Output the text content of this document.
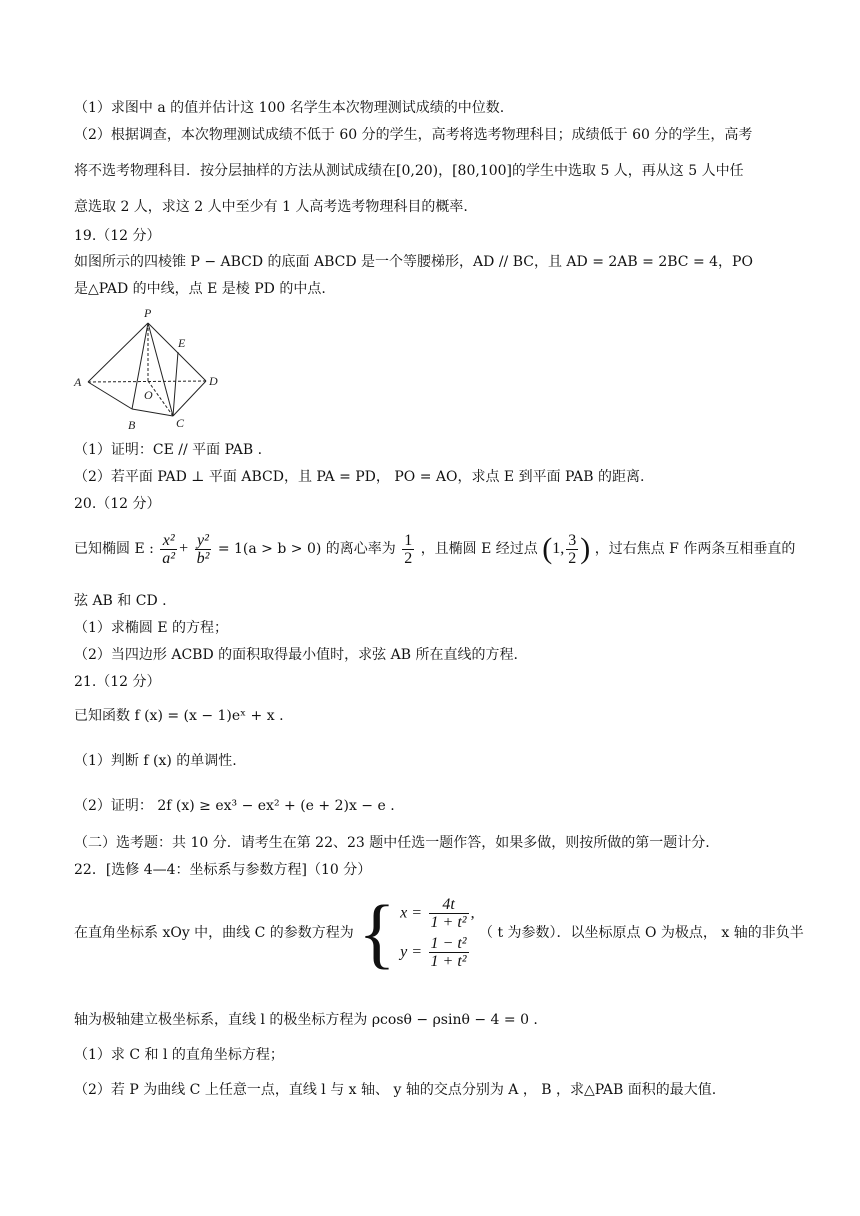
（1）求图中 a 的值并估计这 100 名学生本次物理测试成绩的中位数.
（2）根据调查，本次物理测试成绩不低于 60 分的学生，高考将选考物理科目；成绩低于 60 分的学生，高考
将不选考物理科目．按分层抽样的方法从测试成绩在[0,20)，[80,100]的学生中选取 5 人，再从这 5 人中任
意选取 2 人，求这 2 人中至少有 1 人高考选考物理科目的概率.
19.（12 分）
如图所示的四棱锥 P − ABCD 的底面 ABCD 是一个等腰梯形，AD // BC，且 AD = 2AB = 2BC = 4，PO
是△PAD 的中线，点 E 是棱 PD 的中点.
P
E
A
O
D
B	C
（1）证明：CE // 平面 PAB .
（2）若平面 PAD ⊥ 平面 ABCD，且 PA = PD， PO = AO，求点 E 到平面 PAB 的距离.
20.（12 分）
已知椭圆 E : $\frac{\text{x²}}{\text{a²}} + \frac{\text{y²}}{\text{b²}} = 1(a > b > 0)$ 的离心率为 $\frac{1}{2}$ ，且椭圆 E 经过点 (1, $\frac{3}{2}$ ) ，过右焦点 F 作两条互相垂直的
弦 AB 和 CD .
（1）求椭圆 E 的方程；
（2）当四边形 ACBD 的面积取得最小值时，求弦 AB 所在直线的方程.
21.（12 分）
已知函数 f (x) = (x − 1)eˣ + x .
（1）判断 f (x) 的单调性.
（2）证明： 2f (x) ≥ ex³ − ex² + (e + 2)x − e .
（二）选考题：共 10 分．请考生在第 22、23 题中任选一题作答，如果多做，则按所做的第一题计分.
22．[选修 4—4：坐标系与参数方程]（10 分）
在直角坐标系 xOy 中，曲线 C 的参数方程为 { $x = \frac{4t}{\text{1 + t²}}$ ,
$y = \frac{\text{1 − t²}}{\text{1 + t²}}$
（ t 为参数）．以坐标原点 O 为极点， x 轴的非负半
轴为极轴建立极坐标系，直线 l 的极坐标方程为 ρcosθ − ρsinθ − 4 = 0 .
（1）求 C 和 l 的直角坐标方程；
（2）若 P 为曲线 C 上任意一点，直线 l 与 x 轴、 y 轴的交点分别为 A ， B ，求△PAB 面积的最大值.
